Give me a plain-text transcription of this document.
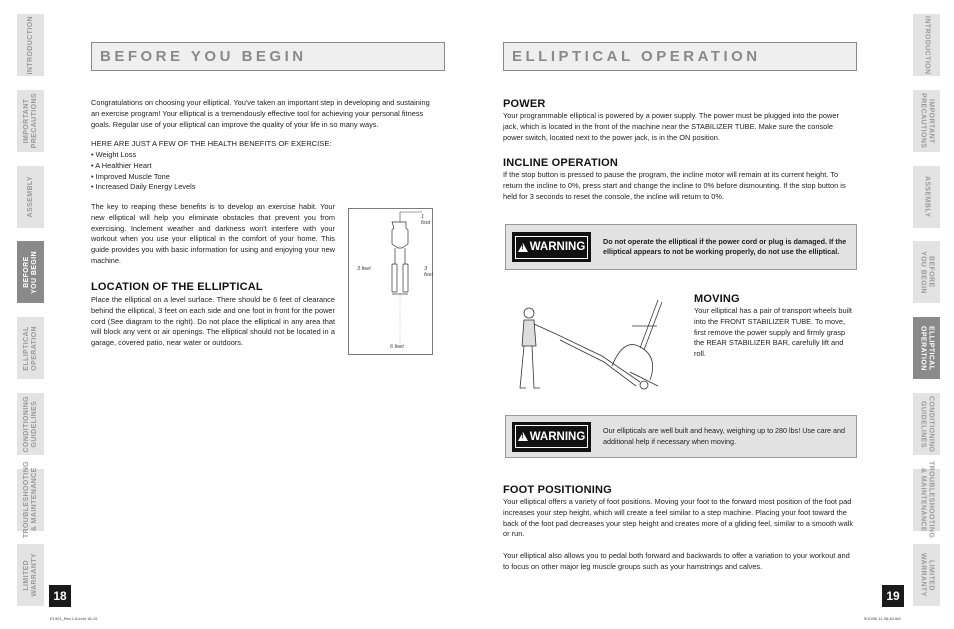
INTRODUCTION
IMPORTANT
PRECAUTIONS
ASSEMBLY
BEFORE
YOU BEGIN
ELLIPTICAL
OPERATION
CONDITIONING
GUIDELINES
TROUBLESHOOTING
& MAINTENANCE
LIMITED
WARRANTY
INTRODUCTION
IMPORTANT
PRECAUTIONS
ASSEMBLY
BEFORE
YOU BEGIN
ELLIPTICAL
OPERATION
CONDITIONING
GUIDELINES
TROUBLESHOOTING
& MAINTENANCE
LIMITED
WARRANTY
BEFORE YOU BEGIN

Congratulations on choosing your elliptical. You've taken an important step in developing and sustaining an exercise program! Your elliptical is a tremendously effective tool for achieving your personal fitness goals. Regular use of your elliptical can improve the quality of your life in so many ways.

HERE ARE JUST A FEW OF THE HEALTH BENEFITS OF EXERCISE:
• Weight Loss
• A Healthier Heart
• Improved Muscle Tone
• Increased Daily Energy Levels

The key to reaping these benefits is to develop an exercise habit. Your new elliptical will help you eliminate obstacles that prevent you from exercising. Inclement weather and darkness won't interfere with your workout when you use your elliptical in the comfort of your home. This guide provides you with basic information for using and enjoying your new machine.

LOCATION OF THE ELLIPTICAL

Place the elliptical on a level surface. There should be 6 feet of clearance behind the elliptical, 3 feet on each side and one foot in front for the power cord (See diagram to the right). Do not place the elliptical in any area that will block any vent or air openings. The elliptical should not be located in a garage, covered patio, near water or outdoors.

1 foot
3 feet	3 feet
6 feet
18
E1301_Rev.1.5.indd 18-19
ELLIPTICAL OPERATION
POWER

Your programmable elliptical is powered by a power supply. The power must be plugged into the power jack, which is located in the front of the machine near the STABILIZER TUBE. Make sure the console power switch, located next to the power jack, is in the ON position.

INCLINE OPERATION

If the stop button is pressed to pause the program, the incline motor will remain at its current height. To return the incline to 0%, press start and change the incline to 0% before dismounting. If the stop button is held for 3 seconds to reset the console, the incline will return to 0%.

!
WARNING Do not operate the elliptical if the power cord or plug is damaged. If the elliptical appears to not be working properly, do not use the elliptical.

MOVING

Your elliptical has a pair of transport wheels built into the FRONT STABILIZER TUBE. To move, first remove the power supply and firmly grasp the REAR STABILIZER BAR, carefully lift and roll.

!
WARNING Our ellipticals are well built and heavy, weighing up to 280 lbs! Use care and additional help if necessary when moving.

FOOT POSITIONING

Your elliptical offers a variety of foot positions. Moving your foot to the forward most position of the foot pad increases your step height, which will create a feel similar to a step machine. Placing your foot toward the back of the foot pad decreases your step height and creates more of a gliding feel, similar to a smooth walk or run.

Your elliptical also allows you to pedal both forward and backwards to offer a variation to your workout and to focus on other major leg muscle groups such as your hamstrings and calves.

19
9/10/06 11:36:46 AM
